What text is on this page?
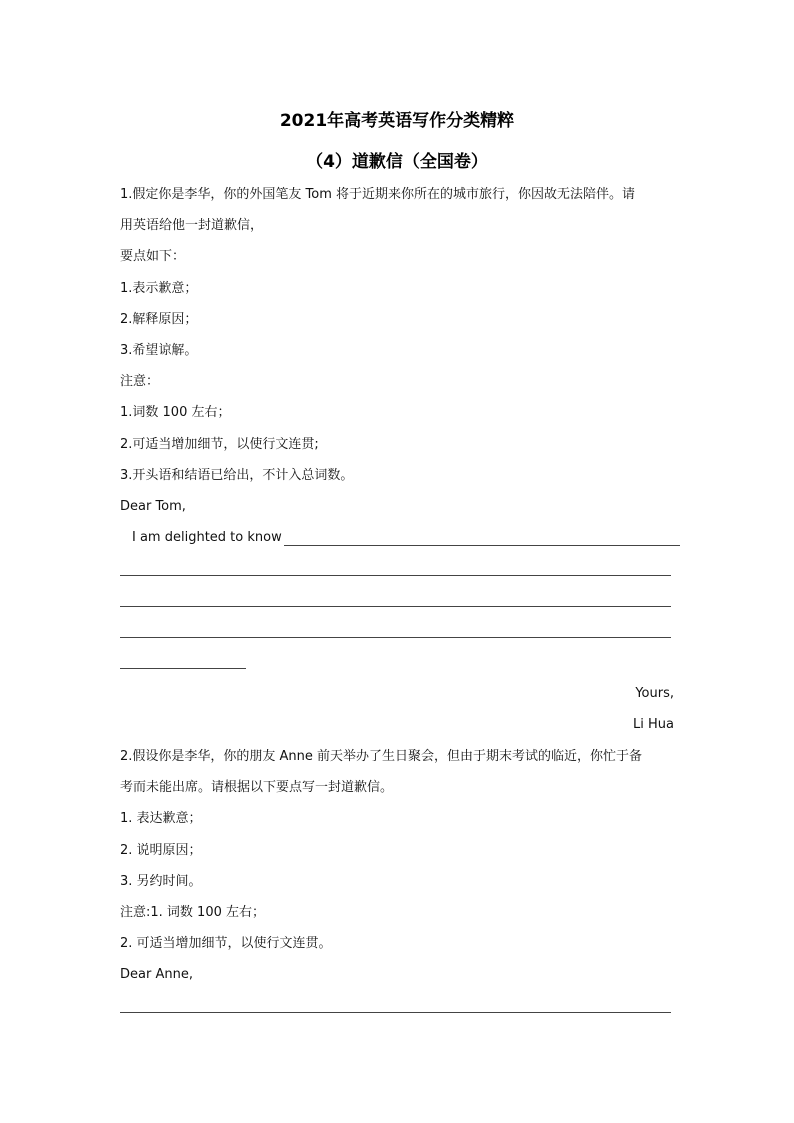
2021年高考英语写作分类精粹
（4）道歉信（全国卷）
1.假定你是李华，你的外国笔友 Tom 将于近期来你所在的城市旅行，你因故无法陪伴。请
用英语给他一封道歉信，
要点如下：
1.表示歉意；
2.解释原因；
3.希望谅解。
注意：
1.词数 100 左右；
2.可适当增加细节，以使行文连贯;
3.开头语和结语已给出，不计入总词数。
Dear Tom,
I am delighted to know
Yours,
Li Hua
2.假设你是李华，你的朋友 Anne 前天举办了生日聚会，但由于期末考试的临近，你忙于备
考而未能出席。请根据以下要点写一封道歉信。
1. 表达歉意；
2. 说明原因；
3. 另约时间。
注意:1. 词数 100 左右；
2. 可适当增加细节，以使行文连贯。
Dear Anne,
